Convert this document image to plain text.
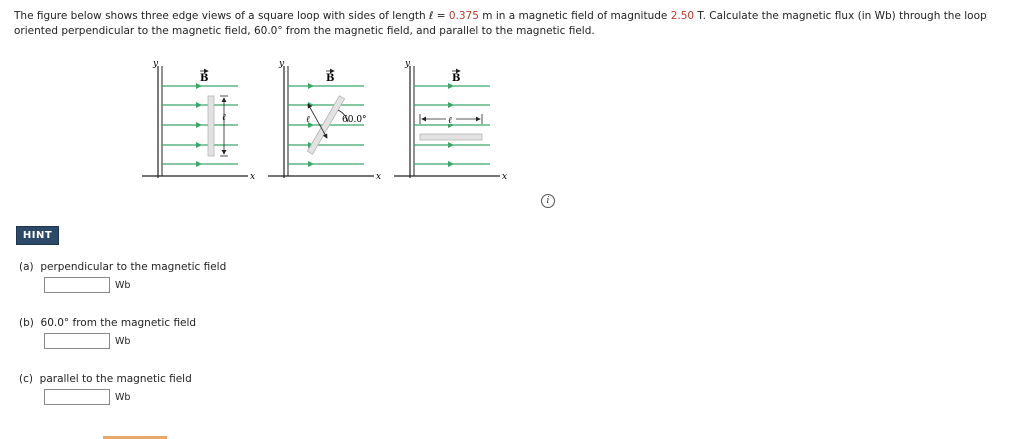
The figure below shows three edge views of a square loop with sides of length ℓ = 0.375 m in a magnetic field of magnitude 2.50 T. Calculate the magnetic flux (in Wb) through the loop oriented perpendicular to the magnetic field, 60.0° from the magnetic field, and parallel to the magnetic field.
y
x
B
ℓ
y
x
B
ℓ	60.0°
y
x
B
ℓ
i
HINT
(a) perpendicular to the magnetic field
Wb
(b) 60.0° from the magnetic field
Wb
(c) parallel to the magnetic field
Wb
